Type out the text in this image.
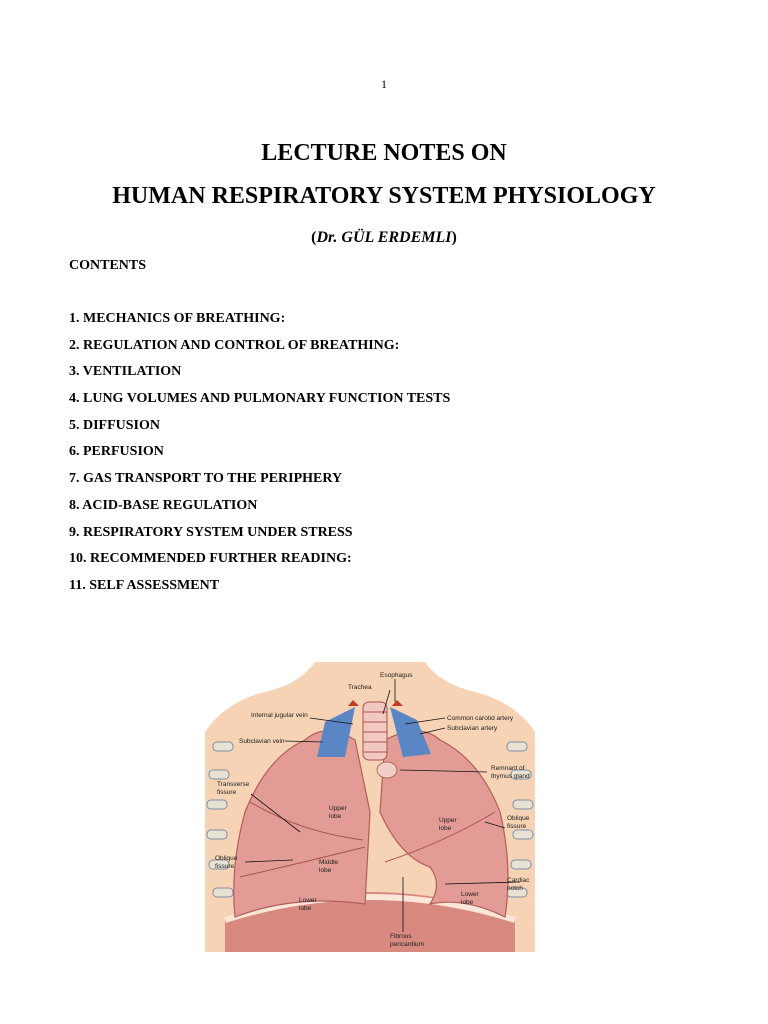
1
LECTURE NOTES ON
HUMAN RESPIRATORY SYSTEM PHYSIOLOGY
(Dr. GÜL ERDEMLI)
CONTENTS
1. MECHANICS OF BREATHING:
2. REGULATION AND CONTROL OF BREATHING:
3. VENTILATION
4. LUNG VOLUMES AND PULMONARY FUNCTION TESTS
5. DIFFUSION
6. PERFUSION
7. GAS TRANSPORT TO THE PERIPHERY
8. ACID-BASE REGULATION
9. RESPIRATORY SYSTEM UNDER STRESS
10. RECOMMENDED FURTHER READING:
11. SELF ASSESSMENT
Esophagus
Trachea
Internal jugular vein	Common carotid artery
Subclavian artery
Subclavian vein
Remnant of
thymus gland
Transverse
fissure
Upper
lobe
Upper
lobe
Oblique
fissure
Oblique
fissure
Middle
lobe
Cardiac
notch
Lower
lobe
Lower
lobe
Fibrous
pericardium
